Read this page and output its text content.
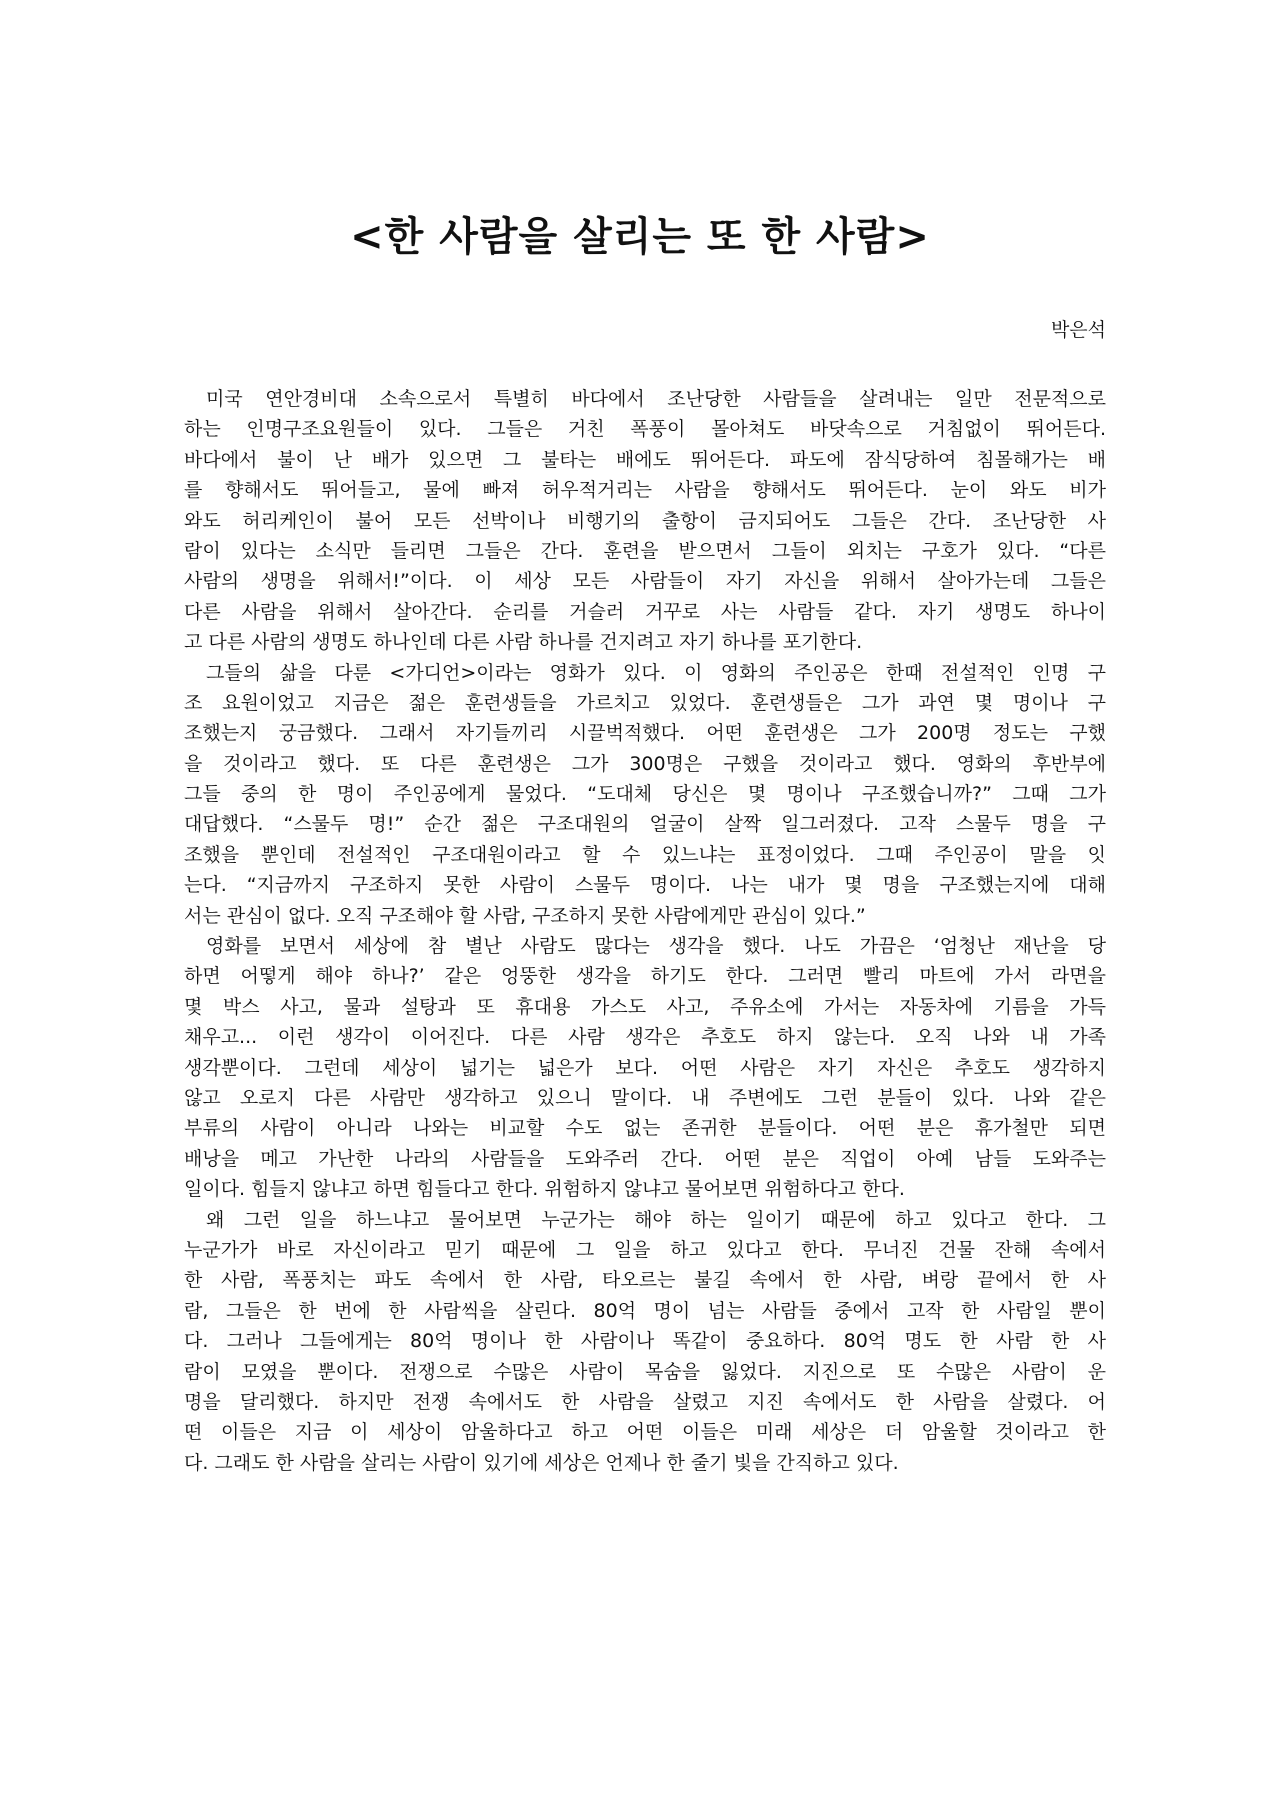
<한 사람을 살리는 또 한 사람>
박은석
미국 연안경비대 소속으로서 특별히 바다에서 조난당한 사람들을 살려내는 일만 전문적으로
하는 인명구조요원들이 있다. 그들은 거친 폭풍이 몰아쳐도 바닷속으로 거침없이 뛰어든다.
바다에서 불이 난 배가 있으면 그 불타는 배에도 뛰어든다. 파도에 잠식당하여 침몰해가는 배
를 향해서도 뛰어들고, 물에 빠져 허우적거리는 사람을 향해서도 뛰어든다. 눈이 와도 비가
와도 허리케인이 불어 모든 선박이나 비행기의 출항이 금지되어도 그들은 간다. 조난당한 사
람이 있다는 소식만 들리면 그들은 간다. 훈련을 받으면서 그들이 외치는 구호가 있다. “다른
사람의 생명을 위해서!”이다. 이 세상 모든 사람들이 자기 자신을 위해서 살아가는데 그들은
다른 사람을 위해서 살아간다. 순리를 거슬러 거꾸로 사는 사람들 같다. 자기 생명도 하나이
고 다른 사람의 생명도 하나인데 다른 사람 하나를 건지려고 자기 하나를 포기한다.
그들의 삶을 다룬 <가디언>이라는 영화가 있다. 이 영화의 주인공은 한때 전설적인 인명 구
조 요원이었고 지금은 젊은 훈련생들을 가르치고 있었다. 훈련생들은 그가 과연 몇 명이나 구
조했는지 궁금했다. 그래서 자기들끼리 시끌벅적했다. 어떤 훈련생은 그가 200명 정도는 구했
을 것이라고 했다. 또 다른 훈련생은 그가 300명은 구했을 것이라고 했다. 영화의 후반부에
그들 중의 한 명이 주인공에게 물었다. “도대체 당신은 몇 명이나 구조했습니까?” 그때 그가
대답했다. “스물두 명!” 순간 젊은 구조대원의 얼굴이 살짝 일그러졌다. 고작 스물두 명을 구
조했을 뿐인데 전설적인 구조대원이라고 할 수 있느냐는 표정이었다. 그때 주인공이 말을 잇
는다. “지금까지 구조하지 못한 사람이 스물두 명이다. 나는 내가 몇 명을 구조했는지에 대해
서는 관심이 없다. 오직 구조해야 할 사람, 구조하지 못한 사람에게만 관심이 있다.”
영화를 보면서 세상에 참 별난 사람도 많다는 생각을 했다. 나도 가끔은 ‘엄청난 재난을 당
하면 어떻게 해야 하나?’ 같은 엉뚱한 생각을 하기도 한다. 그러면 빨리 마트에 가서 라면을
몇 박스 사고, 물과 설탕과 또 휴대용 가스도 사고, 주유소에 가서는 자동차에 기름을 가득
채우고... 이런 생각이 이어진다. 다른 사람 생각은 추호도 하지 않는다. 오직 나와 내 가족
생각뿐이다. 그런데 세상이 넓기는 넓은가 보다. 어떤 사람은 자기 자신은 추호도 생각하지
않고 오로지 다른 사람만 생각하고 있으니 말이다. 내 주변에도 그런 분들이 있다. 나와 같은
부류의 사람이 아니라 나와는 비교할 수도 없는 존귀한 분들이다. 어떤 분은 휴가철만 되면
배낭을 메고 가난한 나라의 사람들을 도와주러 간다. 어떤 분은 직업이 아예 남들 도와주는
일이다. 힘들지 않냐고 하면 힘들다고 한다. 위험하지 않냐고 물어보면 위험하다고 한다.
왜 그런 일을 하느냐고 물어보면 누군가는 해야 하는 일이기 때문에 하고 있다고 한다. 그
누군가가 바로 자신이라고 믿기 때문에 그 일을 하고 있다고 한다. 무너진 건물 잔해 속에서
한 사람, 폭풍치는 파도 속에서 한 사람, 타오르는 불길 속에서 한 사람, 벼랑 끝에서 한 사
람, 그들은 한 번에 한 사람씩을 살린다. 80억 명이 넘는 사람들 중에서 고작 한 사람일 뿐이
다. 그러나 그들에게는 80억 명이나 한 사람이나 똑같이 중요하다. 80억 명도 한 사람 한 사
람이 모였을 뿐이다. 전쟁으로 수많은 사람이 목숨을 잃었다. 지진으로 또 수많은 사람이 운
명을 달리했다. 하지만 전쟁 속에서도 한 사람을 살렸고 지진 속에서도 한 사람을 살렸다. 어
떤 이들은 지금 이 세상이 암울하다고 하고 어떤 이들은 미래 세상은 더 암울할 것이라고 한
다. 그래도 한 사람을 살리는 사람이 있기에 세상은 언제나 한 줄기 빛을 간직하고 있다.
